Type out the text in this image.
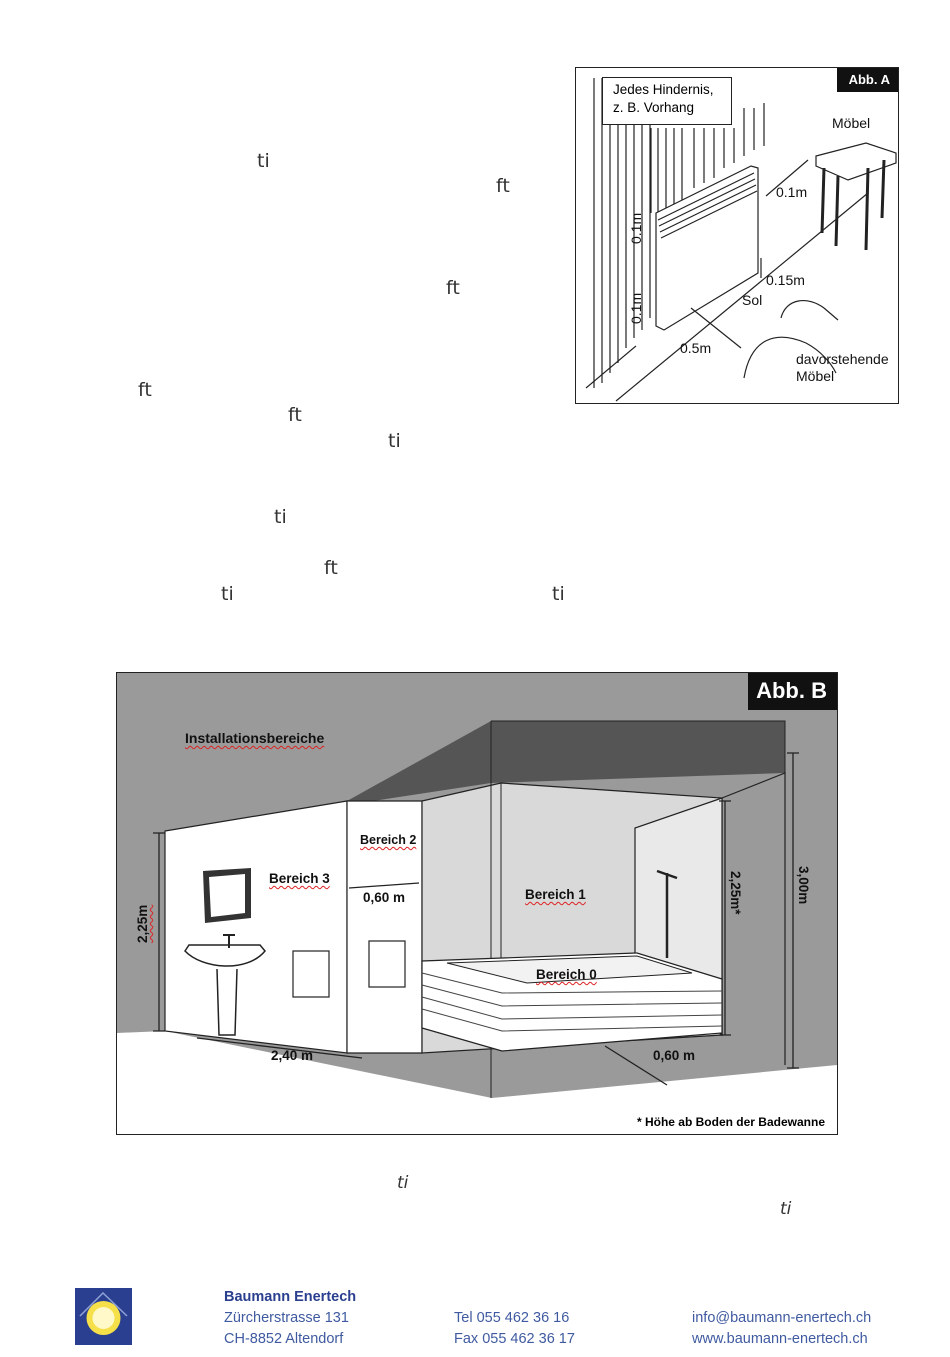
ti
ft
ft
ft
ft
ti
ti
ft
ti	ti
ti
ti
Abb. A
Jedes Hindernis,
z. B. Vorhang
Möbel
0.1m
0.1m
0.15m
Sol
0.1m
0.5m
davorstehende
Möbel
Abb. B
Installationsbereiche
Bereich 3
Bereich 2
Bereich 1
Bereich 0
0,60 m
2,25m
2,40 m	0,60 m
2,25m*	3,00m
* Höhe ab Boden der Badewanne
Baumann Enertech
Zürcherstrasse 131
CH-8852 Altendorf
Tel 055 462 36 16
Fax 055 462 36 17
info@baumann-enertech.ch
www.baumann-enertech.ch
